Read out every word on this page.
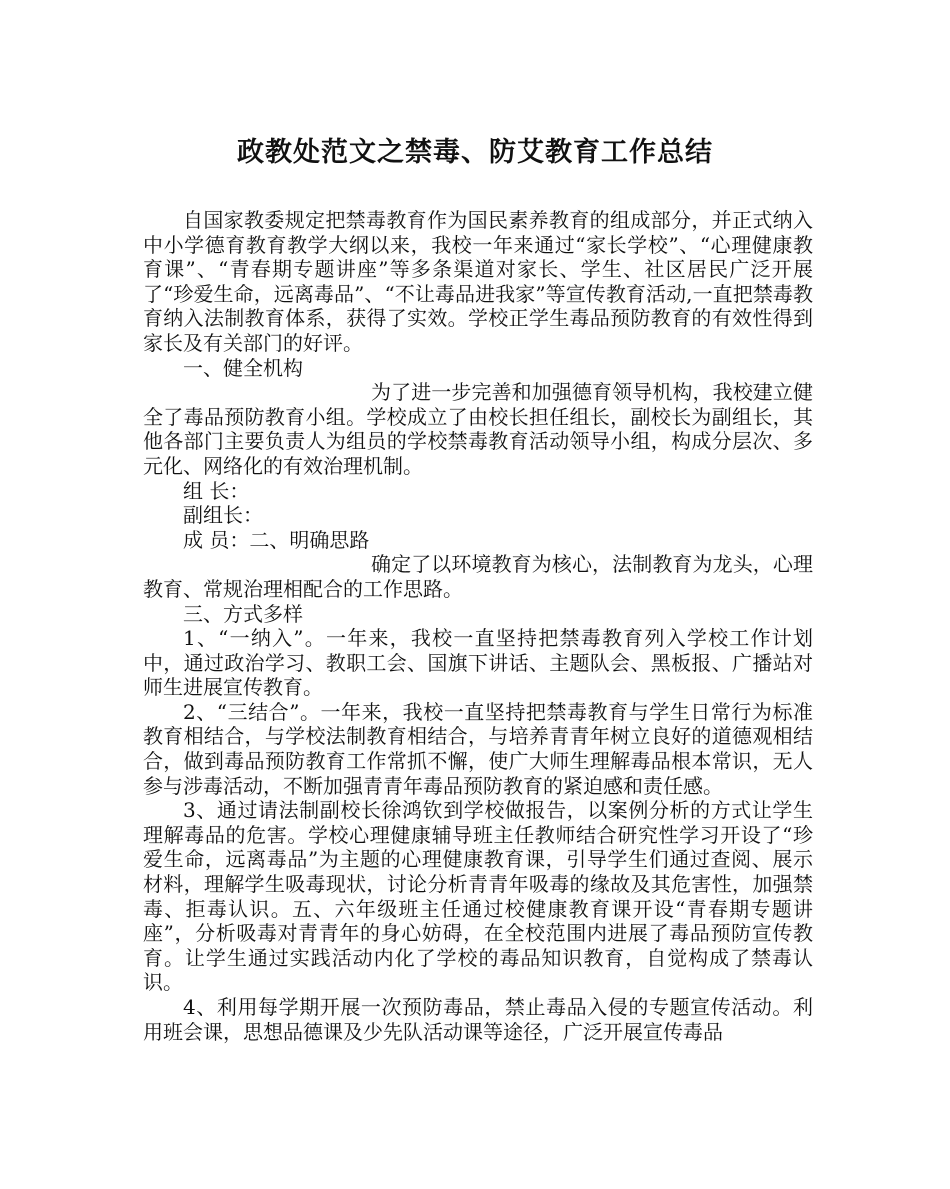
政教处范文之禁毒、防艾教育工作总结

自国家教委规定把禁毒教育作为国民素养教育的组成部分，并正式纳入中小学德育教育教学大纲以来，我校一年来通过“家长学校”、“心理健康教育课”、“青春期专题讲座”等多条渠道对家长、学生、社区居民广泛开展了“珍爱生命，远离毒品”、“不让毒品进我家”等宣传教育活动,一直把禁毒教育纳入法制教育体系，获得了实效。学校正学生毒品预防教育的有效性得到家长及有关部门的好评。

一、健全机构

为了进一步完善和加强德育领导机构，我校建立健全了毒品预防教育小组。学校成立了由校长担任组长，副校长为副组长，其他各部门主要负责人为组员的学校禁毒教育活动领导小组，构成分层次、多元化、网络化的有效治理机制。

组 长：

副组长：

成 员：二、明确思路

确定了以环境教育为核心，法制教育为龙头，心理教育、常规治理相配合的工作思路。

三、方式多样

1、“一纳入”。一年来，我校一直坚持把禁毒教育列入学校工作计划中，通过政治学习、教职工会、国旗下讲话、主题队会、黑板报、广播站对师生进展宣传教育。

2、“三结合”。一年来，我校一直坚持把禁毒教育与学生日常行为标准教育相结合，与学校法制教育相结合，与培养青青年树立良好的道德观相结合，做到毒品预防教育工作常抓不懈，使广大师生理解毒品根本常识，无人参与涉毒活动，不断加强青青年毒品预防教育的紧迫感和责任感。

3、通过请法制副校长徐鸿钦到学校做报告，以案例分析的方式让学生理解毒品的危害。学校心理健康辅导班主任教师结合研究性学习开设了“珍爱生命，远离毒品”为主题的心理健康教育课，引导学生们通过查阅、展示材料，理解学生吸毒现状，讨论分析青青年吸毒的缘故及其危害性，加强禁毒、拒毒认识。五、六年级班主任通过校健康教育课开设“青春期专题讲座”，分析吸毒对青青年的身心妨碍，在全校范围内进展了毒品预防宣传教育。让学生通过实践活动内化了学校的毒品知识教育，自觉构成了禁毒认识。

4、利用每学期开展一次预防毒品，禁止毒品入侵的专题宣传活动。利用班会课，思想品德课及少先队活动课等途径，广泛开展宣传毒品
